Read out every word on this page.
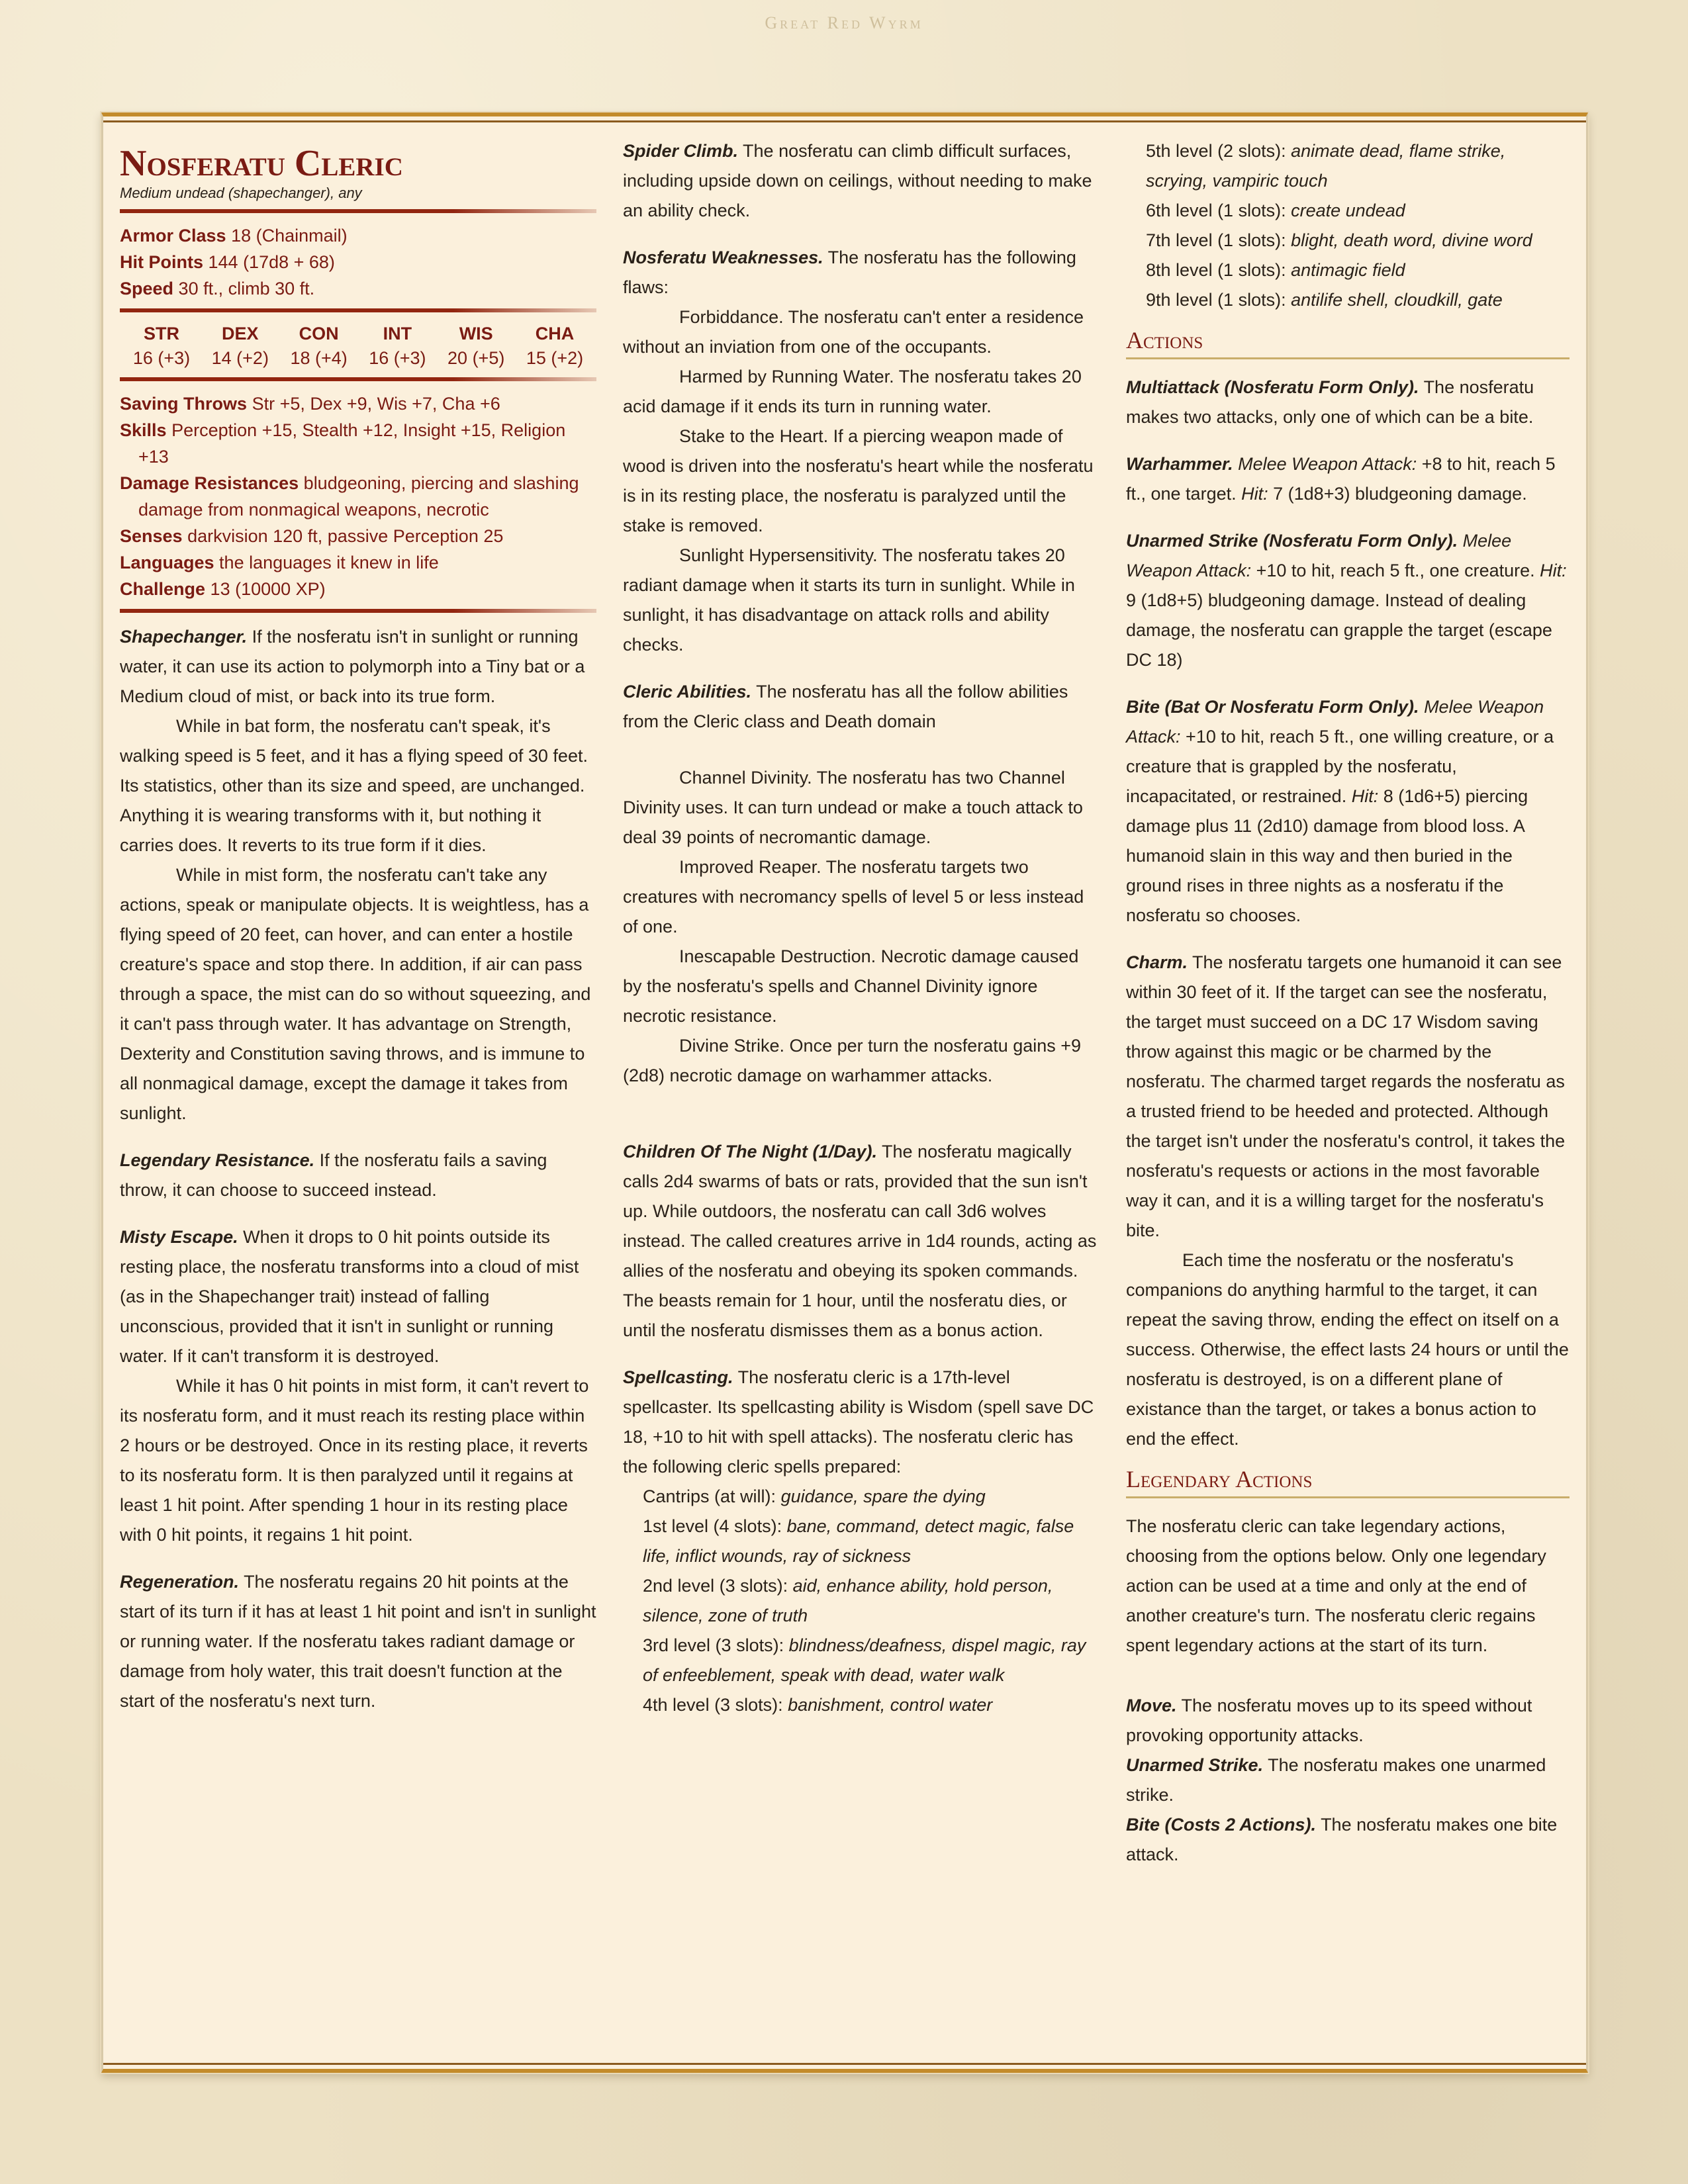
Great Red Wyrm
Nosferatu Cleric
Medium undead (shapechanger), any
Armor Class 18 (Chainmail)
Hit Points 144 (17d8 + 68)
Speed 30 ft., climb 30 ft.
STR
16 (+3)
DEX
14 (+2)
CON
18 (+4)
INT
16 (+3)
WIS
20 (+5)
CHA
15 (+2)
Saving Throws Str +5, Dex +9, Wis +7, Cha +6
Skills Perception +15, Stealth +12, Insight +15, Religion +13
Damage Resistances bludgeoning, piercing and slashing damage from nonmagical weapons, necrotic
Senses darkvision 120 ft, passive Perception 25
Languages the languages it knew in life
Challenge 13 (10000 XP)

Shapechanger. If the nosferatu isn't in sunlight or running water, it can use its action to polymorph into a Tiny bat or a Medium cloud of mist, or back into its true form.

While in bat form, the nosferatu can't speak, it's walking speed is 5 feet, and it has a flying speed of 30 feet. Its statistics, other than its size and speed, are unchanged. Anything it is wearing transforms with it, but nothing it carries does. It reverts to its true form if it dies.

While in mist form, the nosferatu can't take any actions, speak or manipulate objects. It is weightless, has a flying speed of 20 feet, can hover, and can enter a hostile creature's space and stop there. In addition, if air can pass through a space, the mist can do so without squeezing, and it can't pass through water. It has advantage on Strength, Dexterity and Constitution saving throws, and is immune to all nonmagical damage, except the damage it takes from sunlight.

Legendary Resistance. If the nosferatu fails a saving throw, it can choose to succeed instead.

Misty Escape. When it drops to 0 hit points outside its resting place, the nosferatu transforms into a cloud of mist (as in the Shapechanger trait) instead of falling unconscious, provided that it isn't in sunlight or running water. If it can't transform it is destroyed.

While it has 0 hit points in mist form, it can't revert to its nosferatu form, and it must reach its resting place within 2 hours or be destroyed. Once in its resting place, it reverts to its nosferatu form. It is then paralyzed until it regains at least 1 hit point. After spending 1 hour in its resting place with 0 hit points, it regains 1 hit point.

Regeneration. The nosferatu regains 20 hit points at the start of its turn if it has at least 1 hit point and isn't in sunlight or running water. If the nosferatu takes radiant damage or damage from holy water, this trait doesn't function at the start of the nosferatu's next turn.

Spider Climb. The nosferatu can climb difficult surfaces, including upside down on ceilings, without needing to make an ability check.

Nosferatu Weaknesses. The nosferatu has the following flaws:

Forbiddance. The nosferatu can't enter a residence without an inviation from one of the occupants.

Harmed by Running Water. The nosferatu takes 20 acid damage if it ends its turn in running water.

Stake to the Heart. If a piercing weapon made of wood is driven into the nosferatu's heart while the nosferatu is in its resting place, the nosferatu is paralyzed until the stake is removed.

Sunlight Hypersensitivity. The nosferatu takes 20 radiant damage when it starts its turn in sunlight. While in sunlight, it has disadvantage on attack rolls and ability checks.

Cleric Abilities. The nosferatu has all the follow abilities from the Cleric class and Death domain

Channel Divinity. The nosferatu has two Channel Divinity uses. It can turn undead or make a touch attack to deal 39 points of necromantic damage.

Improved Reaper. The nosferatu targets two creatures with necromancy spells of level 5 or less instead of one.

Inescapable Destruction. Necrotic damage caused by the nosferatu's spells and Channel Divinity ignore necrotic resistance.

Divine Strike. Once per turn the nosferatu gains +9 (2d8) necrotic damage on warhammer attacks.

Children Of The Night (1/Day). The nosferatu magically calls 2d4 swarms of bats or rats, provided that the sun isn't up. While outdoors, the nosferatu can call 3d6 wolves instead. The called creatures arrive in 1d4 rounds, acting as allies of the nosferatu and obeying its spoken commands. The beasts remain for 1 hour, until the nosferatu dies, or until the nosferatu dismisses them as a bonus action.

Spellcasting. The nosferatu cleric is a 17th-level spellcaster. Its spellcasting ability is Wisdom (spell save DC 18, +10 to hit with spell attacks). The nosferatu cleric has the following cleric spells prepared:

Cantrips (at will): guidance, spare the dying
1st level (4 slots): bane, command, detect magic, false life, inflict wounds, ray of sickness
2nd level (3 slots): aid, enhance ability, hold person, silence, zone of truth
3rd level (3 slots): blindness/deafness, dispel magic, ray of enfeeblement, speak with dead, water walk
4th level (3 slots): banishment, control water
5th level (2 slots): animate dead, flame strike, scrying, vampiric touch
6th level (1 slots): create undead
7th level (1 slots): blight, death word, divine word
8th level (1 slots): antimagic field
9th level (1 slots): antilife shell, cloudkill, gate
Actions

Multiattack (Nosferatu Form Only). The nosferatu makes two attacks, only one of which can be a bite.

Warhammer. Melee Weapon Attack: +8 to hit, reach 5 ft., one target. Hit: 7 (1d8+3) bludgeoning damage.

Unarmed Strike (Nosferatu Form Only). Melee Weapon Attack: +10 to hit, reach 5 ft., one creature. Hit: 9 (1d8+5) bludgeoning damage. Instead of dealing damage, the nosferatu can grapple the target (escape DC 18)

Bite (Bat Or Nosferatu Form Only). Melee Weapon Attack: +10 to hit, reach 5 ft., one willing creature, or a creature that is grappled by the nosferatu, incapacitated, or restrained. Hit: 8 (1d6+5) piercing damage plus 11 (2d10) damage from blood loss. A humanoid slain in this way and then buried in the ground rises in three nights as a nosferatu if the nosferatu so chooses.

Charm. The nosferatu targets one humanoid it can see within 30 feet of it. If the target can see the nosferatu, the target must succeed on a DC 17 Wisdom saving throw against this magic or be charmed by the nosferatu. The charmed target regards the nosferatu as a trusted friend to be heeded and protected. Although the target isn't under the nosferatu's control, it takes the nosferatu's requests or actions in the most favorable way it can, and it is a willing target for the nosferatu's bite.

Each time the nosferatu or the nosferatu's companions do anything harmful to the target, it can repeat the saving throw, ending the effect on itself on a success. Otherwise, the effect lasts 24 hours or until the nosferatu is destroyed, is on a different plane of existance than the target, or takes a bonus action to end the effect.

Legendary Actions

The nosferatu cleric can take legendary actions, choosing from the options below. Only one legendary action can be used at a time and only at the end of another creature's turn. The nosferatu cleric regains spent legendary actions at the start of its turn.

Move. The nosferatu moves up to its speed without provoking opportunity attacks.

Unarmed Strike. The nosferatu makes one unarmed strike.

Bite (Costs 2 Actions). The nosferatu makes one bite attack.
